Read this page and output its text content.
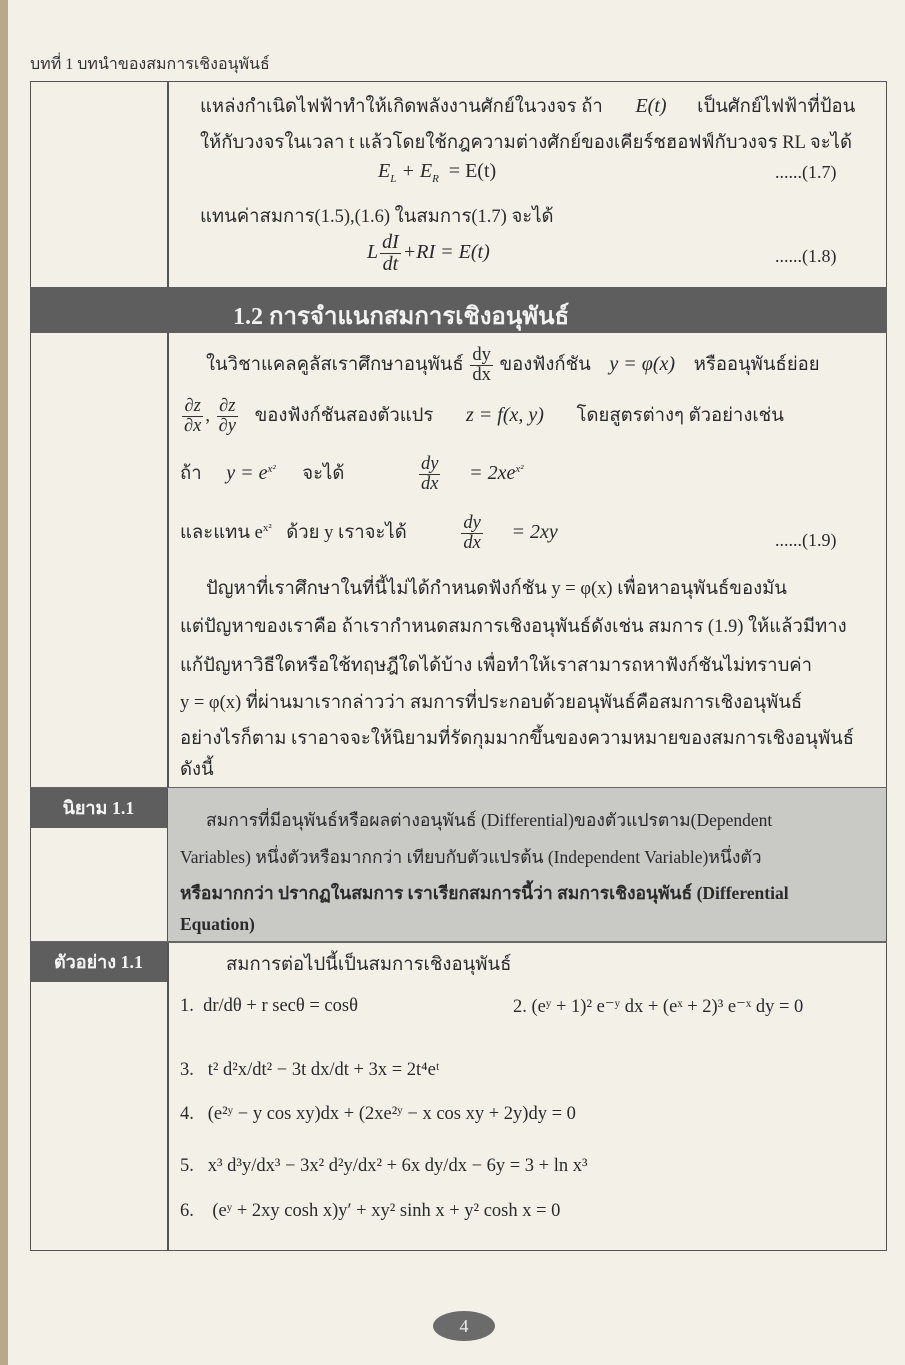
บทที่ 1 บทนำของสมการเชิงอนุพันธ์
แหล่งกำเนิดไฟฟ้าทำให้เกิดพลังงานศักย์ในวงจร ถ้า E(t) เป็นศักย์ไฟฟ้าที่ป้อน
ให้กับวงจรในเวลา t แล้วโดยใช้กฎความต่างศักย์ของเคียร์ชฮอฟฟ์กับวงจร RL จะได้
$E_L + E_R = E(t)$	......(1.7)
แทนค่าสมการ(1.5),(1.6) ในสมการ(1.7) จะได้
L $\frac{dI}{dt} +RI = E(t)$	......(1.8)
1.2 การจำแนกสมการเชิงอนุพันธ์
ในวิชาแคลคูลัสเราศึกษาอนุพันธ์ $\frac{dy}{dx}$ ของฟังก์ชัน y = φ(x) หรืออนุพันธ์ย่อย
$\frac{\partial z}{\partial x}$ , $\frac{\partial z}{\partial y}$ ของฟังก์ชันสองตัวแปร z = f(x, y) โดยสูตรต่างๆ ตัวอย่างเช่น
ถ้า $y = e^{x^2}$ จะได้	$\frac{dy}{dx} = 2xe^{x^2}$
และแทน $e^{x^2}$ ด้วย y เราจะได้	$\frac{dy}{dx} = 2xy$	......(1.9)
ปัญหาที่เราศึกษาในที่นี้ไม่ได้กำหนดฟังก์ชัน y = φ(x) เพื่อหาอนุพันธ์ของมัน
แต่ปัญหาของเราคือ ถ้าเรากำหนดสมการเชิงอนุพันธ์ดังเช่น สมการ (1.9) ให้แล้วมีทาง
แก้ปัญหาวิธีใดหรือใช้ทฤษฎีใดได้บ้าง เพื่อทำให้เราสามารถหาฟังก์ชันไม่ทราบค่า
y = φ(x) ที่ผ่านมาเรากล่าวว่า สมการที่ประกอบด้วยอนุพันธ์คือสมการเชิงอนุพันธ์
อย่างไรก็ตาม เราอาจจะให้นิยามที่รัดกุมมากขึ้นของความหมายของสมการเชิงอนุพันธ์
ดังนี้
นิยาม 1.1
สมการที่มีอนุพันธ์หรือผลต่างอนุพันธ์ (Differential)ของตัวแปรตาม(Dependent
Variables) หนึ่งตัวหรือมากกว่า เทียบกับตัวแปรต้น (Independent Variable)หนึ่งตัว
หรือมากกว่า ปรากฏในสมการ เราเรียกสมการนี้ว่า สมการเชิงอนุพันธ์ (Differential
Equation)
ตัวอย่าง 1.1	สมการต่อไปนี้เป็นสมการเชิงอนุพันธ์
1. dr/dθ + r secθ = cosθ	2. (eʸ + 1)² e⁻ʸ dx + (eˣ + 2)³ e⁻ˣ dy = 0
3. t² d²x/dt² − 3t dx/dt + 3x = 2t⁴eᵗ
4. (e²ʸ − y cos xy)dx + (2xe²ʸ − x cos xy + 2y)dy = 0
5. x³ d³y/dx³ − 3x² d²y/dx² + 6x dy/dx − 6y = 3 + ln x³
6. (eʸ + 2xy cosh x)y′ + xy² sinh x + y² cosh x = 0
4
